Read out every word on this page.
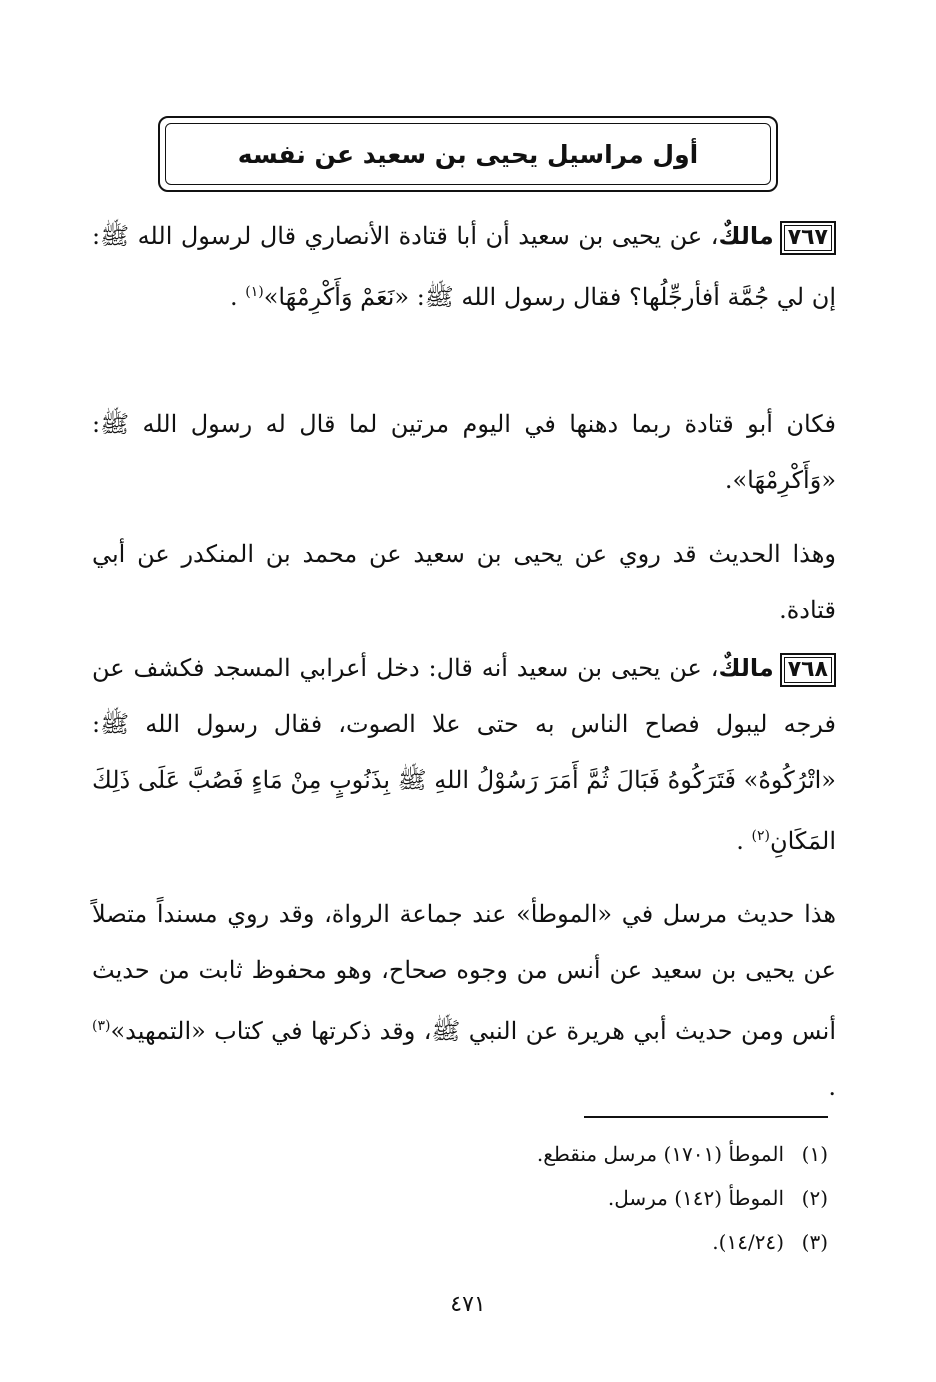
أول مراسيل يحيى بن سعيد عن نفسه
٧٦٧مالكٌ، عن يحيى بن سعيد أن أبا قتادة الأنصاري قال لرسول الله ﷺ: إن لي جُمَّة أفأرجِّلُها؟ فقال رسول الله ﷺ: «نَعَمْ وَأَكْرِمْهَا»$^{(١)}$ .
فكان أبو قتادة ربما دهنها في اليوم مرتين لما قال له رسول الله ﷺ: «وَأَكْرِمْهَا».
وهذا الحديث قد روي عن يحيى بن سعيد عن محمد بن المنكدر عن أبي قتادة.
٧٦٨مالكٌ، عن يحيى بن سعيد أنه قال: دخل أعرابي المسجد فكشف عن فرجه ليبول فصاح الناس به حتى علا الصوت، فقال رسول الله ﷺ: «اتْرُكُوهُ» فَتَرَكُوهُ فَبَالَ ثُمَّ أَمَرَ رَسُوْلُ اللهِ ﷺ بِذَنُوبٍ مِنْ مَاءٍ فَصُبَّ عَلَى ذَلِكَ المَكَانِ$^{(٢)}$ .
هذا حديث مرسل في «الموطأ» عند جماعة الرواة، وقد روي مسنداً متصلاً عن يحيى بن سعيد عن أنس من وجوه صحاح، وهو محفوظ ثابت من حديث أنس ومن حديث أبي هريرة عن النبي ﷺ، وقد ذكرتها في كتاب «التمهيد»$^{(٣)}$ .
(١)الموطأ (١٧٠١) مرسل منقطع.
(٢)الموطأ (١٤٢) مرسل.
(٣)(١٤/٢٤).
٤٧١
